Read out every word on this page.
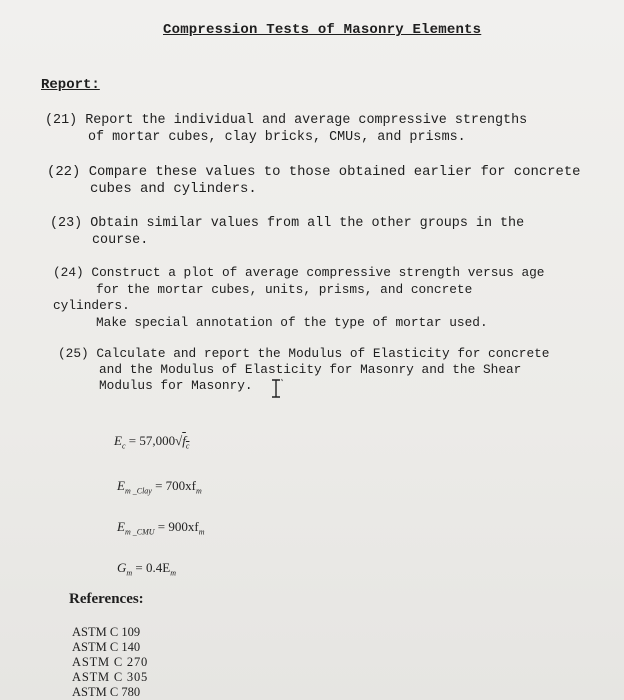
Compression Tests of Masonry Elements
Report:
(21) Report the individual and average compressive strengths
of mortar cubes, clay bricks, CMUs, and prisms.
(22) Compare these values to those obtained earlier for concrete
cubes and cylinders.
(23) Obtain similar values from all the other groups in the
course.
(24) Construct a plot of average compressive strength versus age
for the mortar cubes, units, prisms, and concrete
cylinders.
Make special annotation of the type of mortar used.
(25) Calculate and report the Modulus of Elasticity for concrete
and the Modulus of Elasticity for Masonry and the Shear
Modulus for Masonry.
$E_c = 57,000√f_c$
$E_{m \_Clay} = 700xf_m$
$E_{m \_CMU} = 900xf_m$
$G_m = 0.4E_m$
References:
ASTM C 109
ASTM C 140
ASTM C 270
ASTM C 305
ASTM C 780
